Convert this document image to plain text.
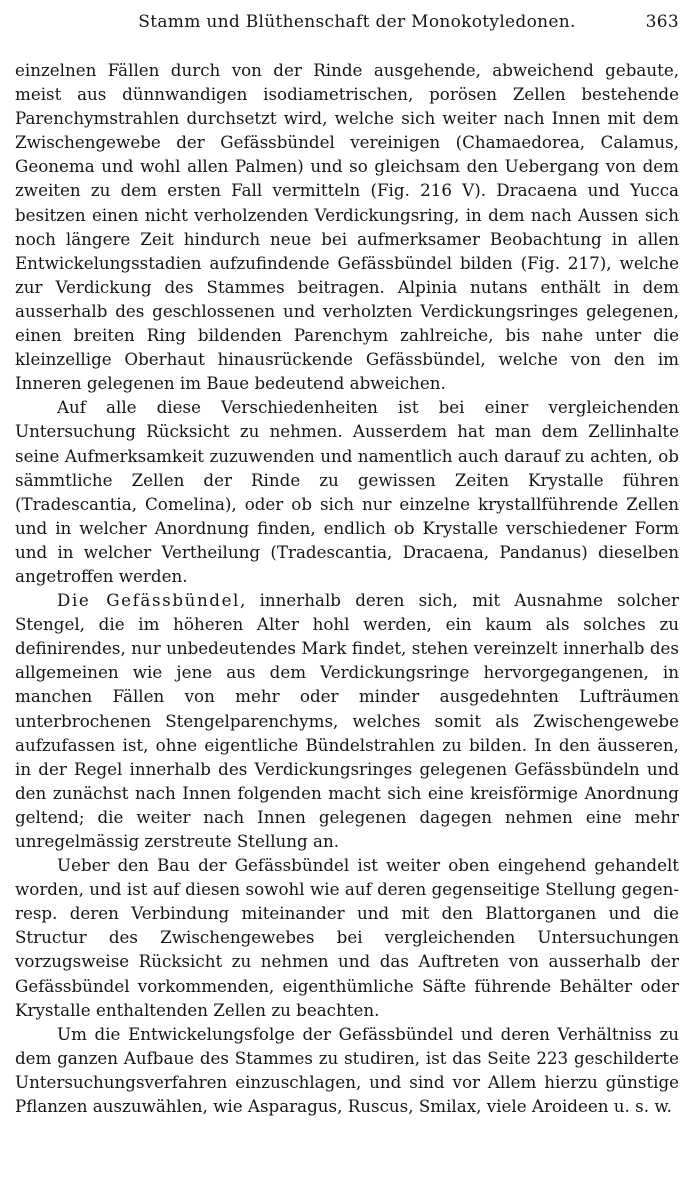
Stamm und Blüthenschaft der Monokotyledonen.	363

einzelnen Fällen durch von der Rinde ausgehende, abweichend gebaute, meist aus dünnwandigen isodiametrischen, porösen Zellen bestehende Parenchymstrahlen durchsetzt wird, welche sich weiter nach Innen mit dem Zwischengewebe der Gefässbündel vereinigen (Chamaedorea, Calamus, Geonema und wohl allen Palmen) und so gleichsam den Uebergang von dem zweiten zu dem ersten Fall vermitteln (Fig. 216 V). Dracaena und Yucca besitzen einen nicht verholzenden Verdickungsring, in dem nach Aussen sich noch längere Zeit hindurch neue bei aufmerksamer Beobachtung in allen Entwickelungsstadien aufzufindende Gefässbündel bilden (Fig. 217), welche zur Verdickung des Stammes beitragen. Alpinia nutans enthält in dem ausserhalb des geschlossenen und verholzten Verdickungsringes gelegenen, einen breiten Ring bildenden Parenchym zahlreiche, bis nahe unter die kleinzellige Oberhaut hinausrückende Gefässbündel, welche von den im Inneren gelegenen im Baue bedeutend abweichen.

Auf alle diese Verschiedenheiten ist bei einer vergleichenden Untersuchung Rücksicht zu nehmen. Ausserdem hat man dem Zellinhalte seine Aufmerksamkeit zuzuwenden und namentlich auch darauf zu achten, ob sämmtliche Zellen der Rinde zu gewissen Zeiten Krystalle führen (Tradescantia, Comelina), oder ob sich nur einzelne krystallführende Zellen und in welcher Anordnung finden, endlich ob Krystalle verschiedener Form und in welcher Vertheilung (Tradescantia, Dracaena, Pandanus) dieselben angetroffen werden.

Die Gefässbündel, innerhalb deren sich, mit Ausnahme solcher Stengel, die im höheren Alter hohl werden, ein kaum als solches zu definirendes, nur unbedeutendes Mark findet, stehen vereinzelt innerhalb des allgemeinen wie jene aus dem Verdickungsringe hervorgegangenen, in manchen Fällen von mehr oder minder ausgedehnten Lufträumen unterbrochenen Stengelparenchyms, welches somit als Zwischengewebe aufzufassen ist, ohne eigentliche Bündelstrahlen zu bilden. In den äusseren, in der Regel innerhalb des Verdickungsringes gelegenen Gefässbündeln und den zunächst nach Innen folgenden macht sich eine kreisförmige Anordnung geltend; die weiter nach Innen gelegenen dagegen nehmen eine mehr unregelmässig zerstreute Stellung an.

Ueber den Bau der Gefässbündel ist weiter oben eingehend gehandelt worden, und ist auf diesen sowohl wie auf deren gegenseitige Stellung gegen- resp. deren Verbindung miteinander und mit den Blattorganen und die Structur des Zwischengewebes bei vergleichenden Untersuchungen vorzugsweise Rücksicht zu nehmen und das Auftreten von ausserhalb der Gefässbündel vorkommenden, eigenthümliche Säfte führende Behälter oder Krystalle enthaltenden Zellen zu beachten.

Um die Entwickelungsfolge der Gefässbündel und deren Verhältniss zu dem ganzen Aufbaue des Stammes zu studiren, ist das Seite 223 geschilderte Untersuchungsverfahren einzuschlagen, und sind vor Allem hierzu günstige Pflanzen auszuwählen, wie Asparagus, Ruscus, Smilax, viele Aroideen u. s. w.
